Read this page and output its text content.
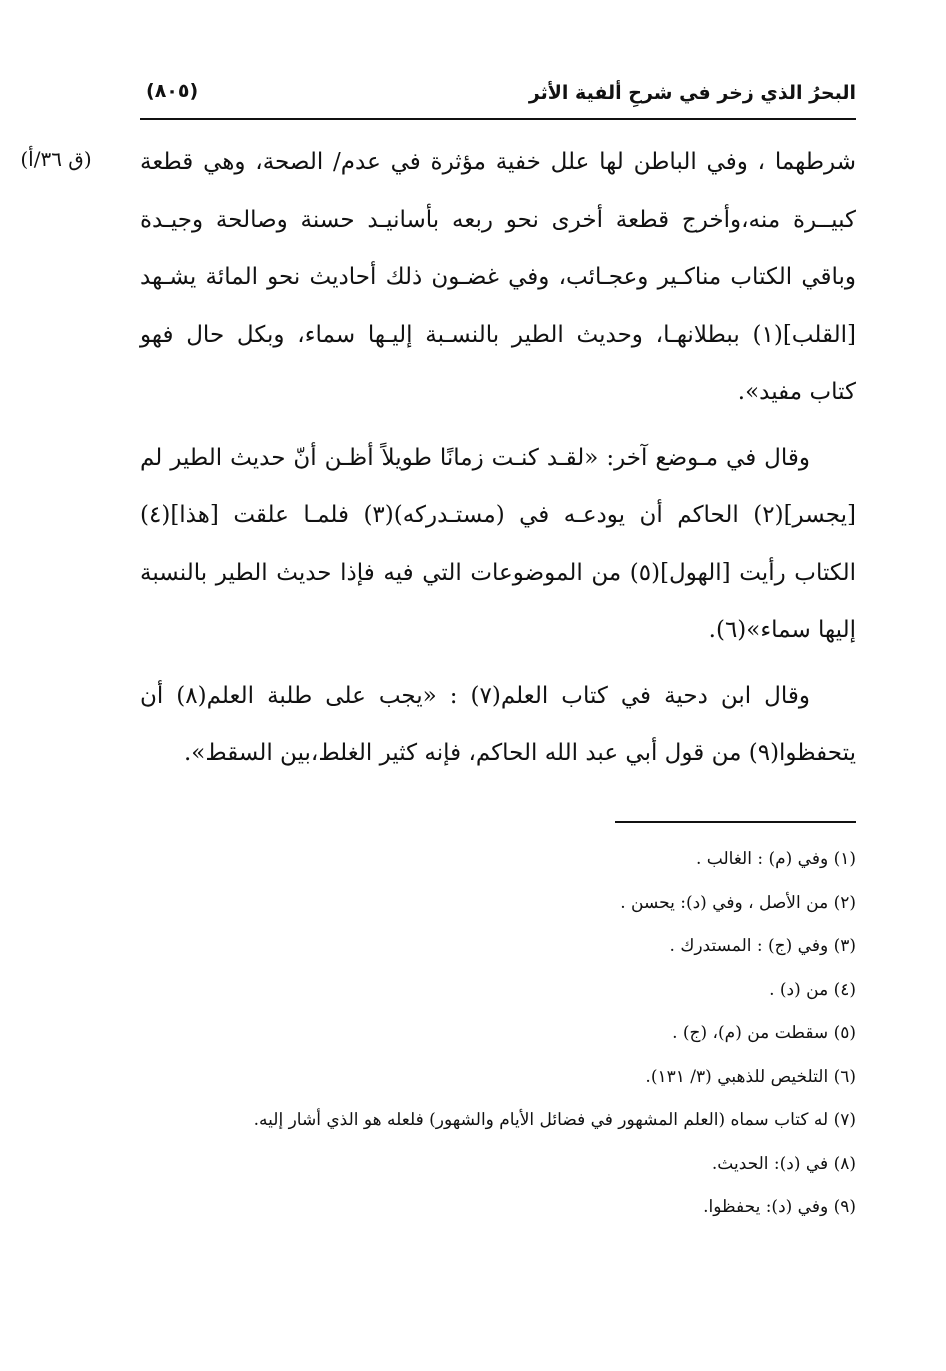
البحرُ الذي زخر في شرحِ ألفية الأثر
(٨٠٥)
(ق ٣٦/أ)	شرطهما ، وفي الباطن لها علل خفية مؤثرة في عدم/ الصحة، وهي قطعة كبيــرة منه،وأخرج قطعة أخرى نحو ربعه بأسانيـد حسنة وصالحة وجيـدة وباقي الكتاب مناكـير وعجـائب، وفي غضـون ذلك أحاديث نحو المائة يشـهد [القلب](١) ببطلانهـا، وحديث الطير بالنسـبة إليـها سماء، وبكل حال فهو كتاب مفيد».

وقال في مـوضع آخر: «لقـد كنـت زمانًا طويلاً أظـن أنّ حديث الطير لم [يجسر](٢) الحاكم أن يودعـه في (مستـدركه)(٣) فلمـا علقت [هذا](٤) الكتاب رأيت [الهول](٥) من الموضوعات التي فيه فإذا حديث الطير بالنسبة إليها سماء»(٦).

وقال ابن دحية في كتاب العلم(٧) : «يجب على طلبة العلم(٨) أن يتحفظوا(٩) من قول أبي عبد الله الحاكم، فإنه كثير الغلط،بين السقط».

(١) وفي (م) : الغالب .
(٢) من الأصل ، وفي (د): يحسن .
(٣) وفي (ج) : المستدرك .
(٤) من (د) .
(٥) سقطت من (م)، (ج) .
(٦) التلخيص للذهبي (٣/ ١٣١).
(٧) له كتاب سماه (العلم المشهور في فضائل الأيام والشهور) فلعله هو الذي أشار إليه.
(٨) في (د): الحديث.
(٩) وفي (د): يحفظوا.
